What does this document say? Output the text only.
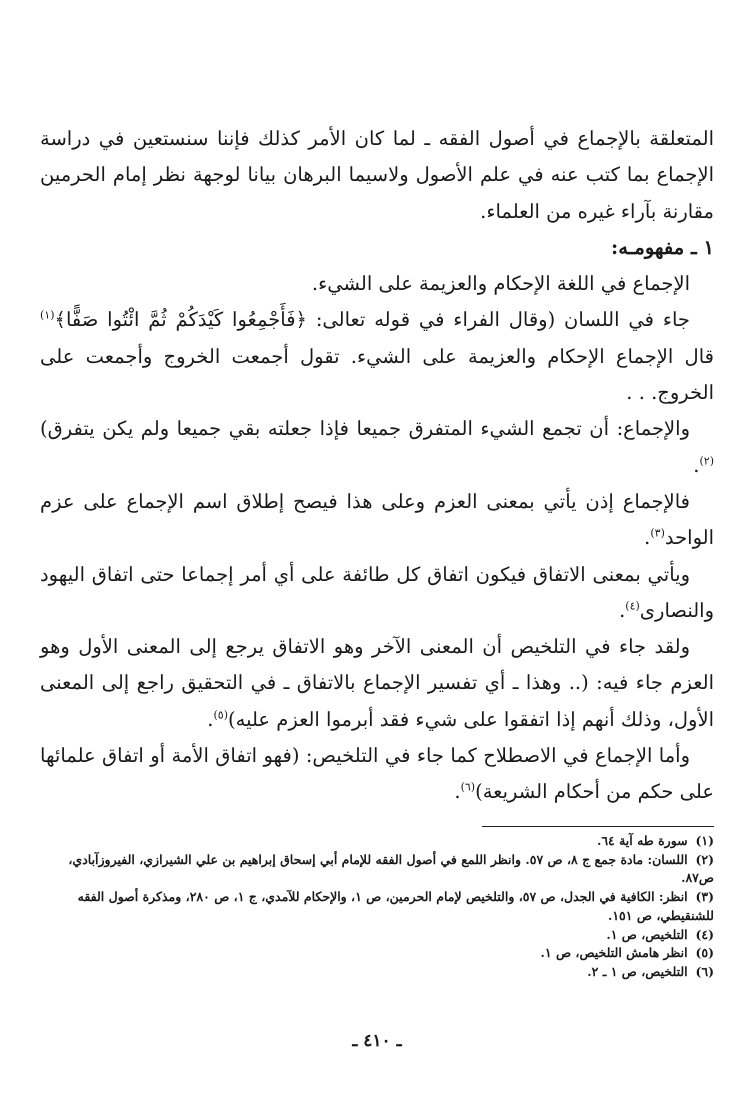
المتعلقة بالإجماع في أصول الفقه ـ لما كان الأمر كذلك فإننا سنستعين في دراسة الإجماع بما كتب عنه في علم الأصول ولاسيما البرهان بيانا لوجهة نظر إمام الحرمين مقارنة بآراء غيره من العلماء.

١ ـ مفهومـه:

الإجماع في اللغة الإحكام والعزيمة على الشيء.

جاء في اللسان (وقال الفراء في قوله تعالى: ﴿فَأَجْمِعُوا كَيْدَكُمْ ثُمَّ ائْتُوا صَفًّا﴾$^{(١)}$ قال الإجماع الإحكام والعزيمة على الشيء. تقول أجمعت الخروج وأجمعت على الخروج. . .

والإجماع: أن تجمع الشيء المتفرق جميعا فإذا جعلته بقي جميعا ولم يكن يتفرق)$^{(٢)}$.

فالإجماع إذن يأتي بمعنى العزم وعلى هذا فيصح إطلاق اسم الإجماع على عزم الواحد$^{(٣)}$.

ويأتي بمعنى الاتفاق فيكون اتفاق كل طائفة على أي أمر إجماعا حتى اتفاق اليهود والنصارى$^{(٤)}$.

ولقد جاء في التلخيص أن المعنى الآخر وهو الاتفاق يرجع إلى المعنى الأول وهو العزم جاء فيه: (.. وهذا ـ أي تفسير الإجماع بالاتفاق ـ في التحقيق راجع إلى المعنى الأول، وذلك أنهم إذا اتفقوا على شيء فقد أبرموا العزم عليه)$^{(٥)}$.

وأما الإجماع في الاصطلاح كما جاء في التلخيص: (فهو اتفاق الأمة أو اتفاق علمائها على حكم من أحكام الشريعة)$^{(٦)}$.

(١) سورة طه آية ٦٤.

(٢) اللسان: مادة جمع ج ٨، ص ٥٧. وانظر اللمع في أصول الفقه للإمام أبي إسحاق إبراهيم بن علي الشيرازي، الفيروزآبادي، ص٨٧.

(٣) انظر: الكافية في الجدل، ص ٥٧، والتلخيص لإمام الحرمين، ص ١، والإحكام للآمدي، ج ١، ص ٢٨٠، ومذكرة أصول الفقه للشنقيطي، ص ١٥١.

(٤) التلخيص، ص ١.

(٥) انظر هامش التلخيص، ص ١.

(٦) التلخيص، ص ١ ـ ٢.

ـ ٤١٠ ـ
